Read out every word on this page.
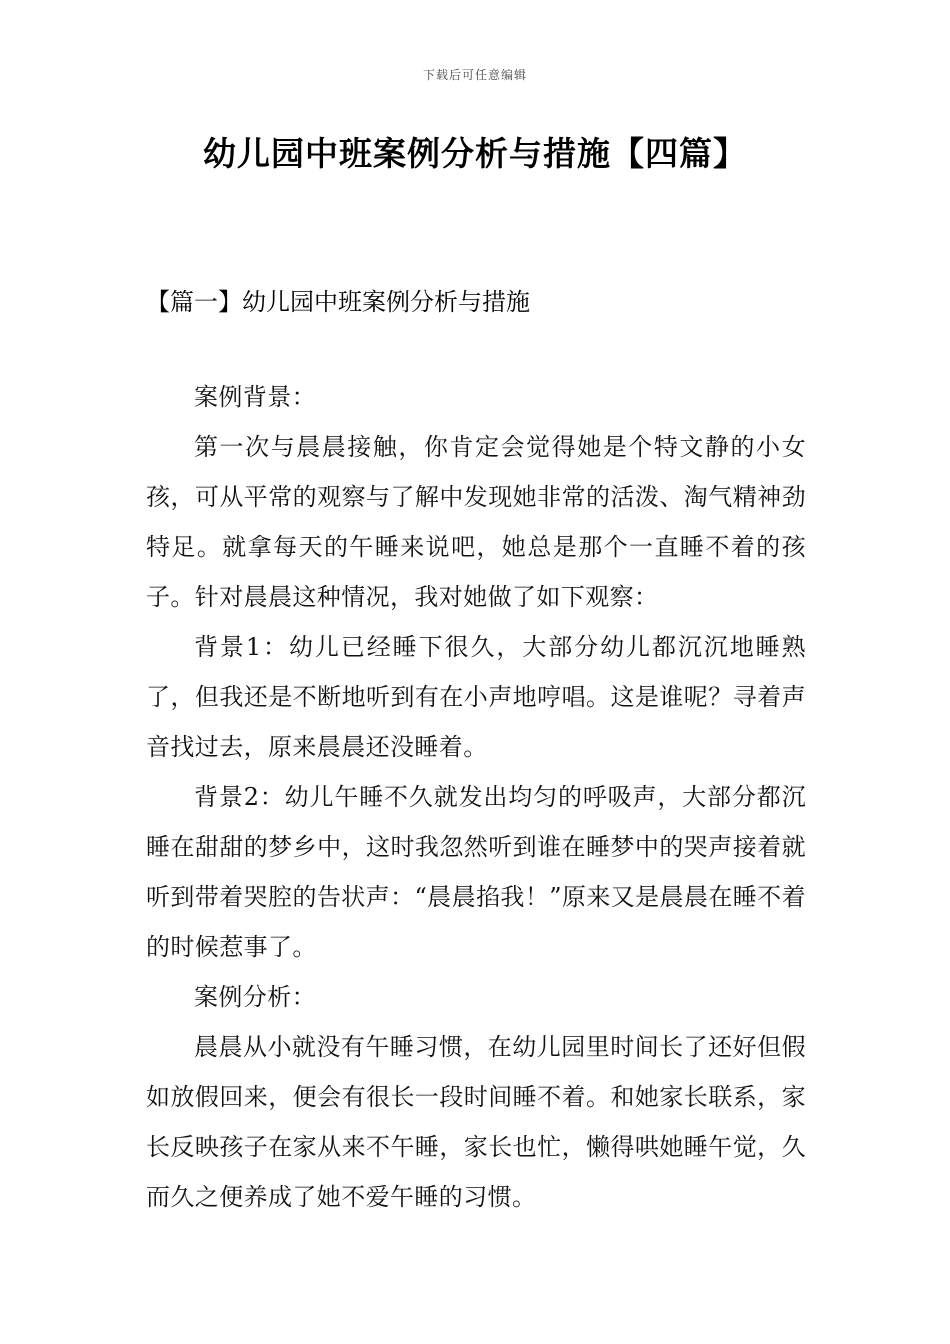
下载后可任意编辑
幼儿园中班案例分析与措施【四篇】
【篇一】幼儿园中班案例分析与措施

案例背景：

第一次与晨晨接触，你肯定会觉得她是个特文静的小女孩，可从平常的观察与了解中发现她非常的活泼、淘气精神劲特足。就拿每天的午睡来说吧，她总是那个一直睡不着的孩子。针对晨晨这种情况，我对她做了如下观察：

背景1：幼儿已经睡下很久，大部分幼儿都沉沉地睡熟了，但我还是不断地听到有在小声地哼唱。这是谁呢？寻着声音找过去，原来晨晨还没睡着。

背景2：幼儿午睡不久就发出均匀的呼吸声，大部分都沉睡在甜甜的梦乡中，这时我忽然听到谁在睡梦中的哭声接着就听到带着哭腔的告状声：“晨晨掐我！”原来又是晨晨在睡不着的时候惹事了。

案例分析：

晨晨从小就没有午睡习惯，在幼儿园里时间长了还好但假如放假回来，便会有很长一段时间睡不着。和她家长联系，家长反映孩子在家从来不午睡，家长也忙，懒得哄她睡午觉，久而久之便养成了她不爱午睡的习惯。
